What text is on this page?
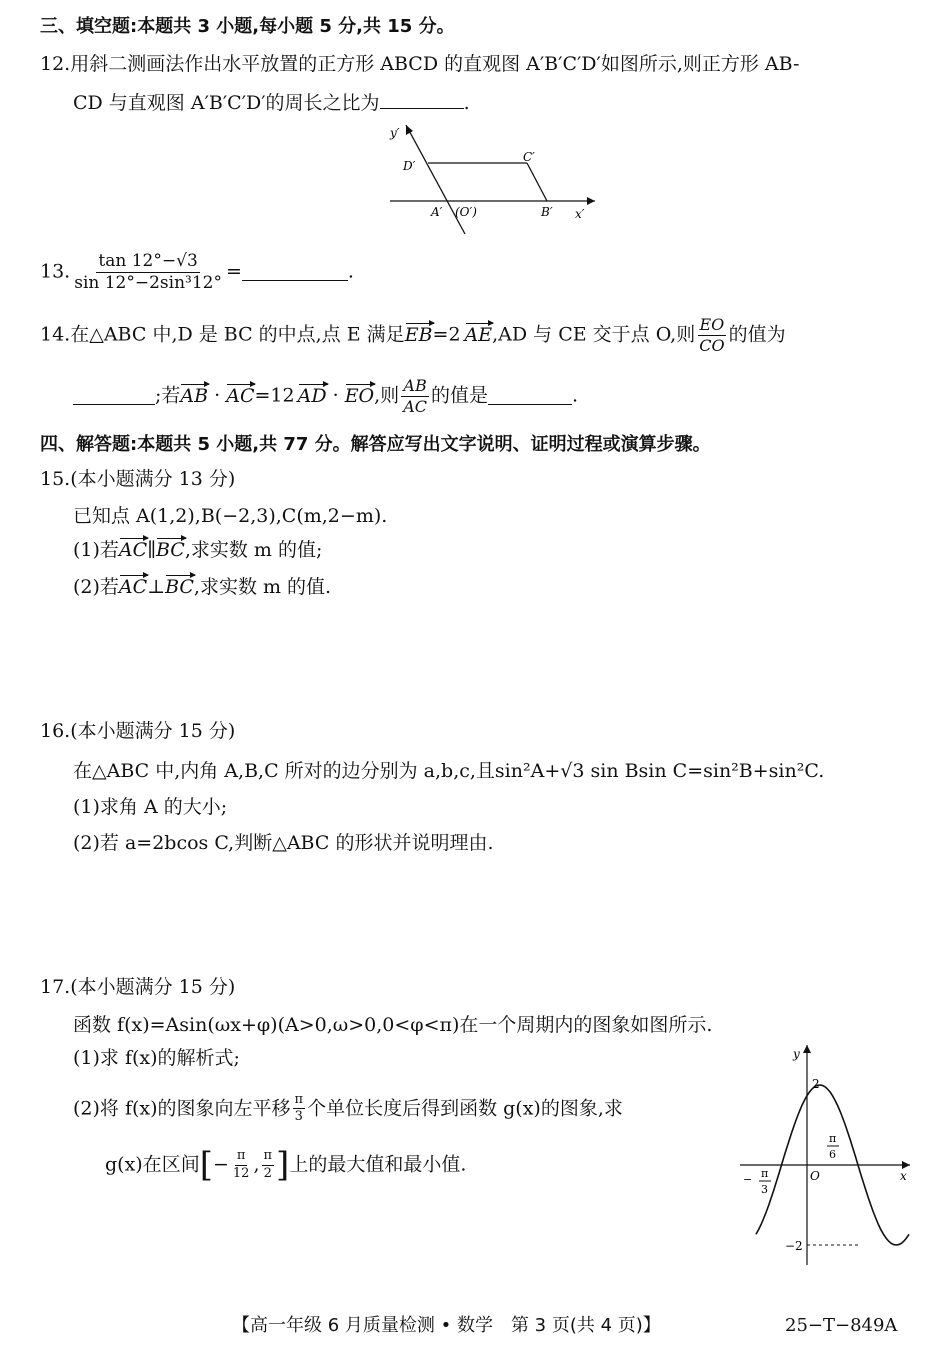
三、填空题:本题共 3 小题,每小题 5 分,共 15 分。
12.用斜二测画法作出水平放置的正方形 ABCD 的直观图 A′B′C′D′如图所示,则正方形 AB-
CD 与直观图 A′B′C′D′的周长之比为	.
y′
x′
D′
C′
A′ (O′)	B′
13. $\frac{\tan 12^\circ-√3}{\text{sin 12°−2sin³12°}}$ =	.
14.在△ABC 中,D 是 BC 的中点,点 E 满足EB=2 AE,AD 与 CE 交于点 O,则 $\frac{EO}{CO}$ 的值为
;若AB · AC=12 AD · EO,则 $\frac{AB}{AC}$ 的值是	.
四、解答题:本题共 5 小题,共 77 分。解答应写出文字说明、证明过程或演算步骤。
15.(本小题满分 13 分)
已知点 A(1,2),B(−2,3),C(m,2−m).
(1)若AC∥BC,求实数 m 的值;
(2)若AC⊥BC,求实数 m 的值.
16.(本小题满分 15 分)
在△ABC 中,内角 A,B,C 所对的边分别为 a,b,c,且sin²A+√3 sin Bsin C=sin²B+sin²C.
(1)求角 A 的大小;
(2)若 a=2bcos C,判断△ABC 的形状并说明理由.
17.(本小题满分 15 分)
函数 f(x)=Asin(ωx+φ)(A>0,ω>0,0<φ<π)在一个周期内的图象如图所示.
(1)求 f(x)的解析式;
(2)将 f(x)的图象向左平移 $\frac{\pi}{3}$ 个单位长度后得到函数 g(x)的图象,求
g(x)在区间[− $\frac{\pi}{12}$ , $\frac{\pi}{2}$ ]上的最大值和最小值.
y
x
2
−2
O
π
6
− π
3
【高一年级 6 月质量检测 • 数学　第 3 页(共 4 页)】	25−T−849A
